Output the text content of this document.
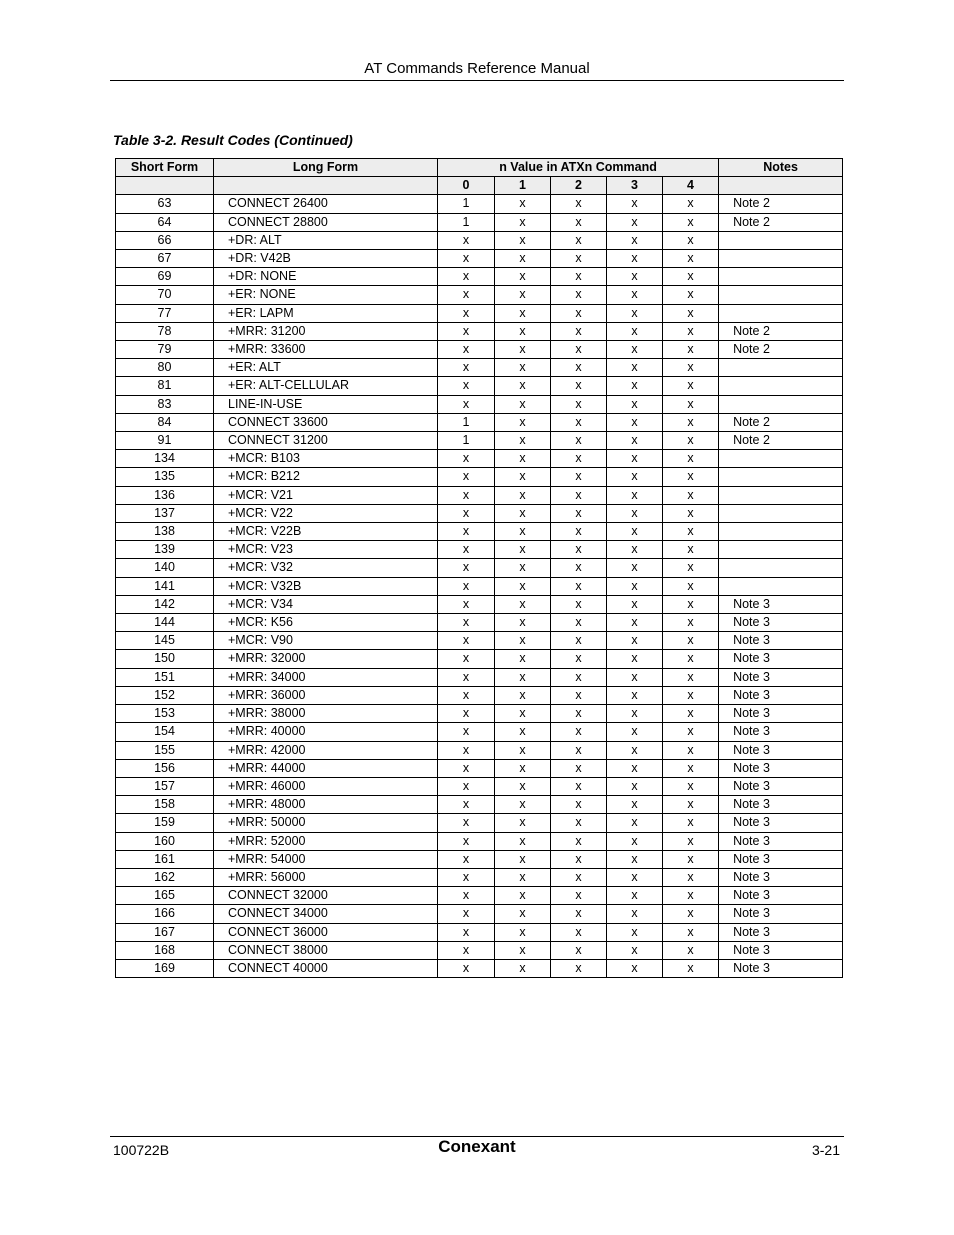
AT Commands Reference Manual
Table 3-2. Result Codes (Continued)
Short Form	Long Form	n Value in ATXn Command					Notes
		0	1	2	3	4	
63	CONNECT 26400	1	x	x	x	x	Note 2
64	CONNECT 28800	1	x	x	x	x	Note 2
66	+DR: ALT	x	x	x	x	x	
67	+DR: V42B	x	x	x	x	x	
69	+DR: NONE	x	x	x	x	x	
70	+ER: NONE	x	x	x	x	x	
77	+ER: LAPM	x	x	x	x	x	
78	+MRR: 31200	x	x	x	x	x	Note 2
79	+MRR: 33600	x	x	x	x	x	Note 2
80	+ER: ALT	x	x	x	x	x	
81	+ER: ALT-CELLULAR	x	x	x	x	x	
83	LINE-IN-USE	x	x	x	x	x	
84	CONNECT 33600	1	x	x	x	x	Note 2
91	CONNECT 31200	1	x	x	x	x	Note 2
134	+MCR: B103	x	x	x	x	x	
135	+MCR: B212	x	x	x	x	x	
136	+MCR: V21	x	x	x	x	x	
137	+MCR: V22	x	x	x	x	x	
138	+MCR: V22B	x	x	x	x	x	
139	+MCR: V23	x	x	x	x	x	
140	+MCR: V32	x	x	x	x	x	
141	+MCR: V32B	x	x	x	x	x	
142	+MCR: V34	x	x	x	x	x	Note 3
144	+MCR: K56	x	x	x	x	x	Note 3
145	+MCR: V90	x	x	x	x	x	Note 3
150	+MRR: 32000	x	x	x	x	x	Note 3
151	+MRR: 34000	x	x	x	x	x	Note 3
152	+MRR: 36000	x	x	x	x	x	Note 3
153	+MRR: 38000	x	x	x	x	x	Note 3
154	+MRR: 40000	x	x	x	x	x	Note 3
155	+MRR: 42000	x	x	x	x	x	Note 3
156	+MRR: 44000	x	x	x	x	x	Note 3
157	+MRR: 46000	x	x	x	x	x	Note 3
158	+MRR: 48000	x	x	x	x	x	Note 3
159	+MRR: 50000	x	x	x	x	x	Note 3
160	+MRR: 52000	x	x	x	x	x	Note 3
161	+MRR: 54000	x	x	x	x	x	Note 3
162	+MRR: 56000	x	x	x	x	x	Note 3
165	CONNECT 32000	x	x	x	x	x	Note 3
166	CONNECT 34000	x	x	x	x	x	Note 3
167	CONNECT 36000	x	x	x	x	x	Note 3
168	CONNECT 38000	x	x	x	x	x	Note 3
169	CONNECT 40000	x	x	x	x	x	Note 3
100722B	Conexant	3-21
